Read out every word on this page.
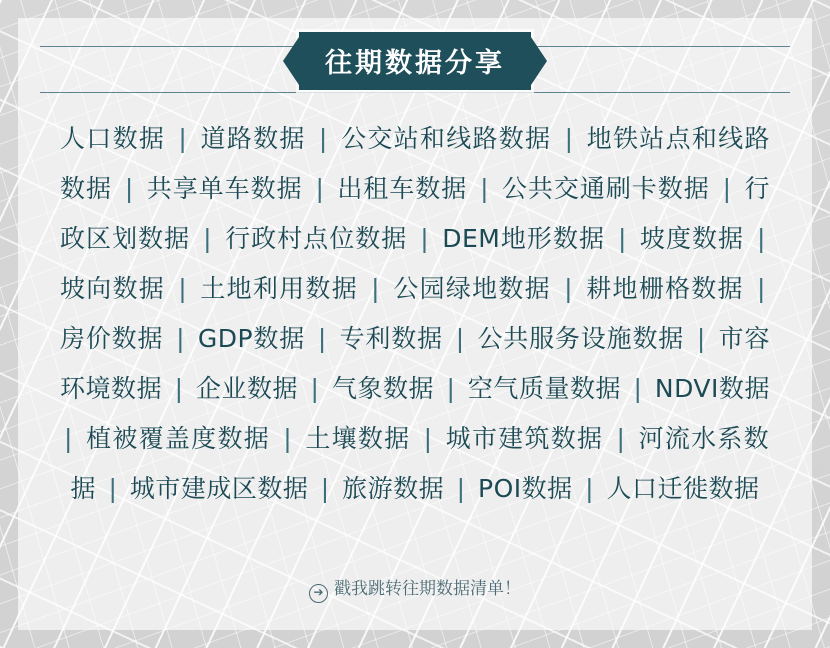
往期数据分享
人口数据 | 道路数据 | 公交站和线路数据 | 地铁站点和线路数据 | 共享单车数据 | 出租车数据 | 公共交通刷卡数据 | 行政区划数据 | 行政村点位数据 | DEM地形数据 | 坡度数据 | 坡向数据 | 土地利用数据 | 公园绿地数据 | 耕地栅格数据 | 房价数据 | GDP数据 | 专利数据 | 公共服务设施数据 | 市容环境数据 | 企业数据 | 气象数据 | 空气质量数据 | NDVI数据 | 植被覆盖度数据 | 土壤数据 | 城市建筑数据 | 河流水系数据 | 城市建成区数据 | 旅游数据 | POI数据 | 人口迁徙数据
➔ 戳我跳转往期数据清单！
